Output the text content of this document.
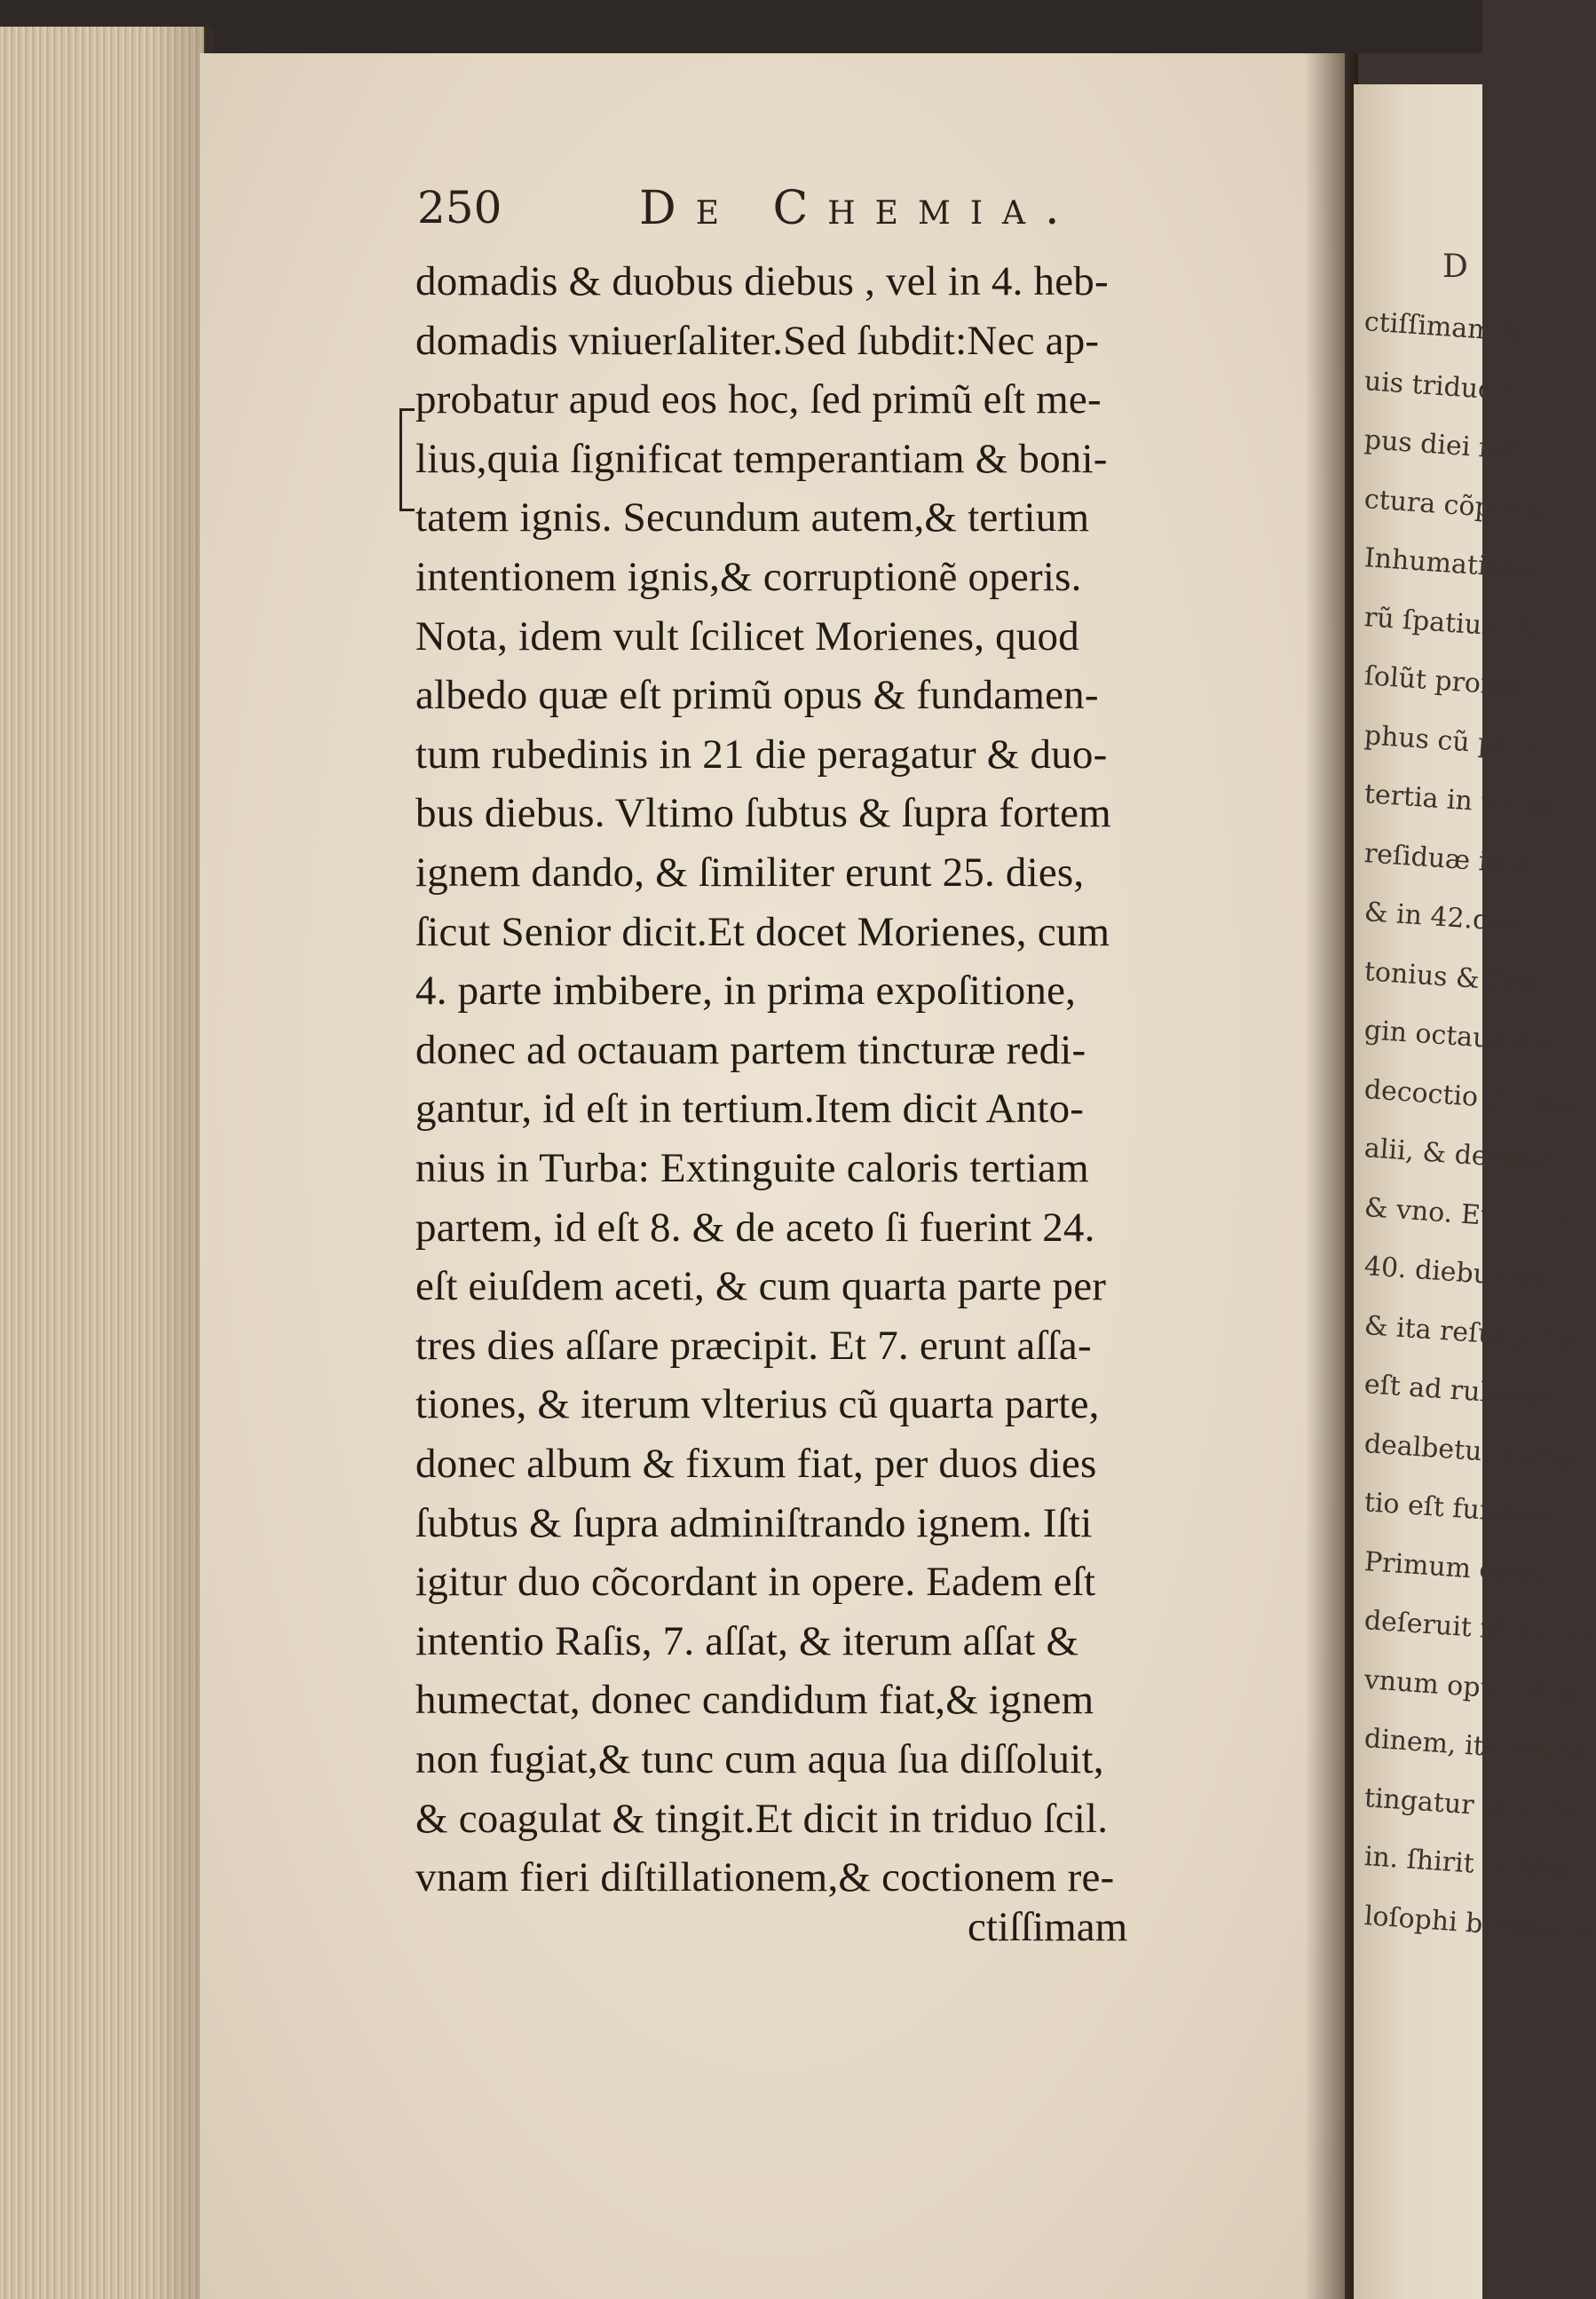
250	De Chemia.
domadis & duobus diebus , vel in 4. heb-
domadis vniuerſaliter.Sed ſubdit:Nec ap-
probatur apud eos hoc, ſed primũ eſt me-
lius,quia ſignificat temperantiam & boni-
tatem ignis. Secundum autem,& tertium
intentionem ignis,& corruptionẽ operis.
Nota, idem vult ſcilicet Morienes, quod
albedo quæ eſt primũ opus & fundamen-
tum rubedinis in 21 die peragatur & duo-
bus diebus. Vltimo ſubtus & ſupra fortem
ignem dando, & ſimiliter erunt 25. dies,
ſicut Senior dicit.Et docet Morienes, cum
4. parte imbibere, in prima expoſitione,
donec ad octauam partem tincturæ redi-
gantur, id eſt in tertium.Item dicit Anto-
nius in Turba: Extinguite caloris tertiam
partem, id eſt 8. & de aceto ſi fuerint 24.
eſt eiuſdem aceti, & cum quarta parte per
tres dies aſſare præcipit. Et 7. erunt aſſa-
tiones, & iterum vlterius cũ quarta parte,
donec album & fixum fiat, per duos dies
ſubtus & ſupra adminiſtrando ignem. Iſti
igitur duo cõcordant in opere. Eadem eſt
intentio Raſis, 7. aſſat, & iterum aſſat &
humectat, donec candidum fiat,& ignem
non fugiat,& tunc cum aqua ſua diſſoluit,
& coagulat & tingit.Et dicit in triduo ſcil.
vnam fieri diſtillationem,& coctionem re-
ctiſſimam
D
ctiſſimam &
uis triduo co
pus diei ſuff
ctura cõpleta
Inhumationis
rũ ſpatium &
ſolũt promiſ
phus cũ præd
tertia in tot di
reſiduæ in d
& in 42.dieb.
tonius & Zen
gin octauo die
decoctio 21. die
alii, & dealbat
& vno. Et in all
40. diebus fie
& ita reſurget p
eſt ad rubeum,
dealbetur comp
tio eſt fundam
Primum opus
deſeruit iſtis duo
vnum opus, & fi
dinem, itereturd
tingatur igne fo
in. ſhirit redibit.
loſophi breuiores
